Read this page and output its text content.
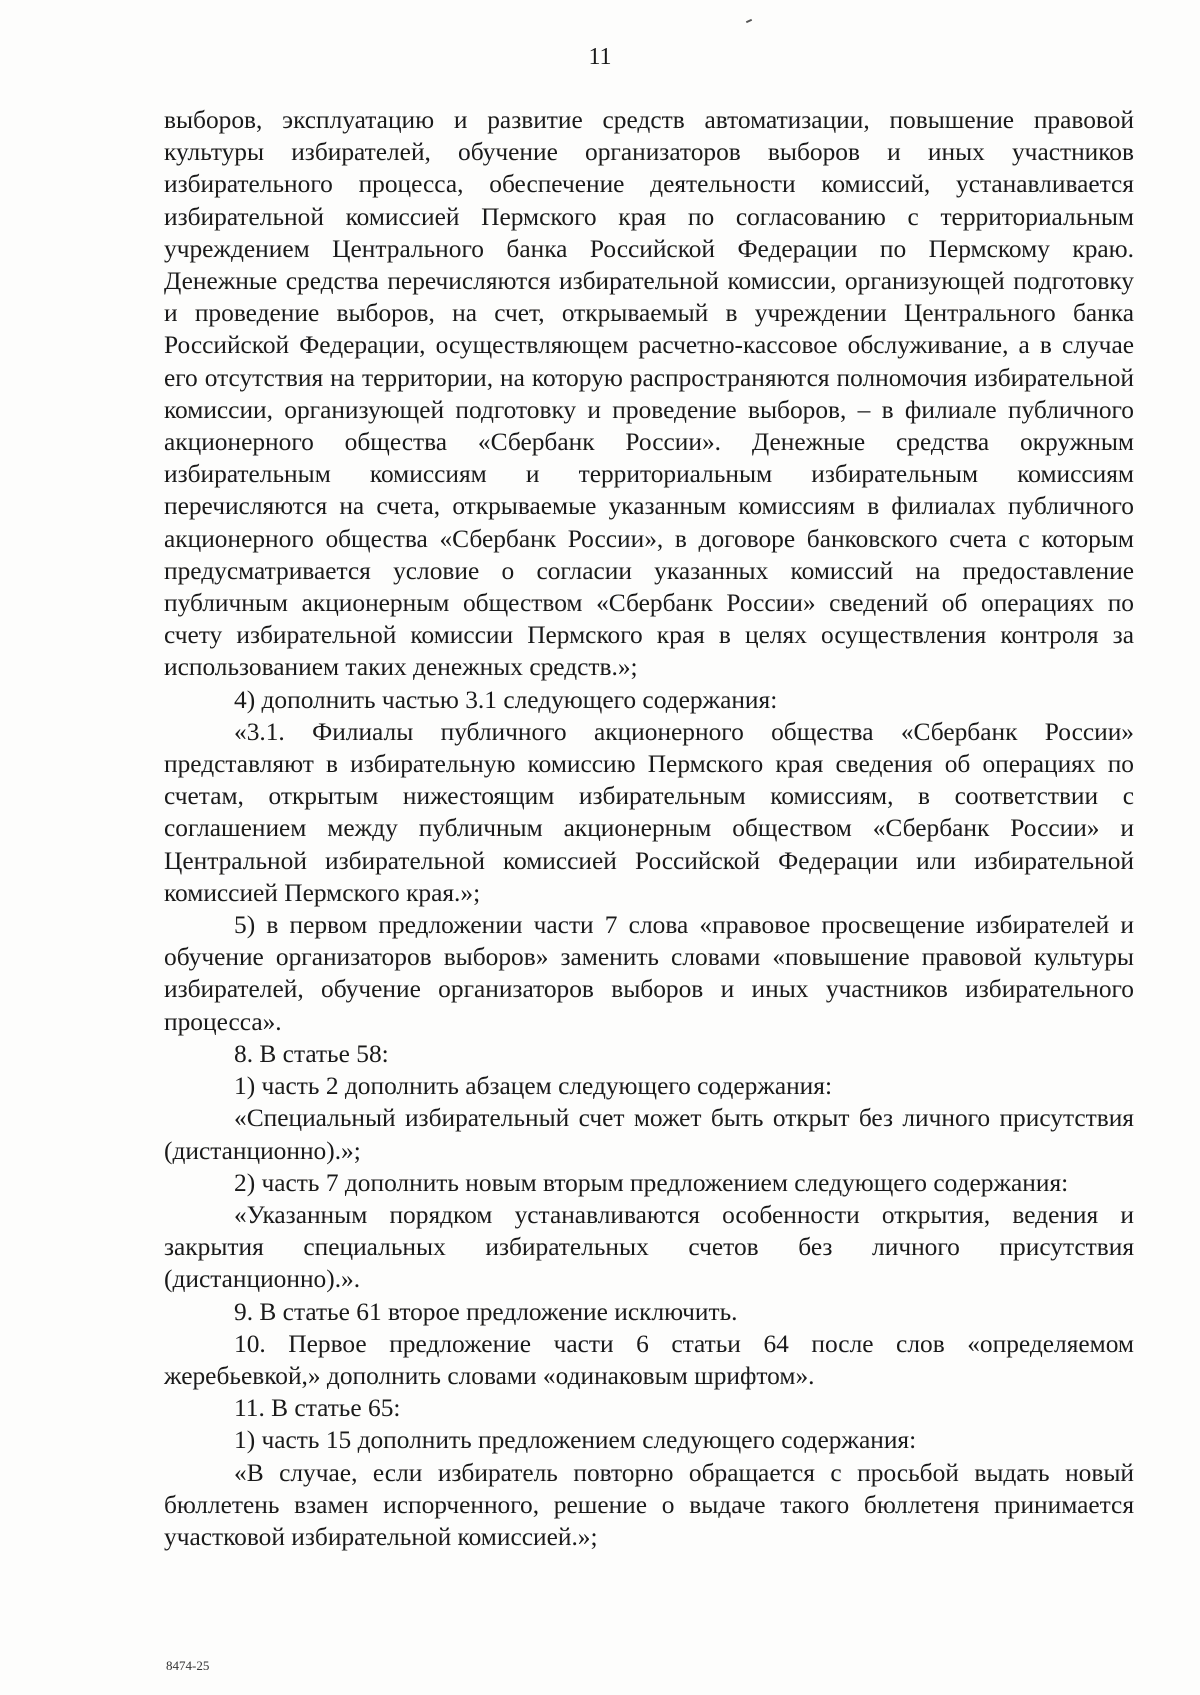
11

выборов, эксплуатацию и развитие средств автоматизации, повышение правовой культуры избирателей, обучение организаторов выборов и иных участников избирательного процесса, обеспечение деятельности комиссий, устанавливается избирательной комиссией Пермского края по согласованию с территориальным учреждением Центрального банка Российской Федерации по Пермскому краю. Денежные средства перечисляются избирательной комиссии, организующей подготовку и проведение выборов, на счет, открываемый в учреждении Центрального банка Российской Федерации, осуществляющем расчетно-кассовое обслуживание, а в случае его отсутствия на территории, на которую распространяются полномочия избирательной комиссии, организующей подготовку и проведение выборов, – в филиале публичного акционерного общества «Сбербанк России». Денежные средства окружным избирательным комиссиям и территориальным избирательным комиссиям перечисляются на счета, открываемые указанным комиссиям в филиалах публичного акционерного общества «Сбербанк России», в договоре банковского счета с которым предусматривается условие о согласии указанных комиссий на предоставление публичным акционерным обществом «Сбербанк России» сведений об операциях по счету избирательной комиссии Пермского края в целях осуществления контроля за использованием таких денежных средств.»;

4) дополнить частью 3.1 следующего содержания:

«3.1. Филиалы публичного акционерного общества «Сбербанк России» представляют в избирательную комиссию Пермского края сведения об операциях по счетам, открытым нижестоящим избирательным комиссиям, в соответствии с соглашением между публичным акционерным обществом «Сбербанк России» и Центральной избирательной комиссией Российской Федерации или избирательной комиссией Пермского края.»;

5) в первом предложении части 7 слова «правовое просвещение избирателей и обучение организаторов выборов» заменить словами «повышение правовой культуры избирателей, обучение организаторов выборов и иных участников избирательного процесса».

8. В статье 58:

1) часть 2 дополнить абзацем следующего содержания:

«Специальный избирательный счет может быть открыт без личного присутствия (дистанционно).»;

2) часть 7 дополнить новым вторым предложением следующего содержания:

«Указанным порядком устанавливаются особенности открытия, ведения и закрытия специальных избирательных счетов без личного присутствия (дистанционно).».

9. В статье 61 второе предложение исключить.

10. Первое предложение части 6 статьи 64 после слов «определяемом жеребьевкой,» дополнить словами «одинаковым шрифтом».

11. В статье 65:

1) часть 15 дополнить предложением следующего содержания:

«В случае, если избиратель повторно обращается с просьбой выдать новый бюллетень взамен испорченного, решение о выдаче такого бюллетеня принимается участковой избирательной комиссией.»;

8474-25
